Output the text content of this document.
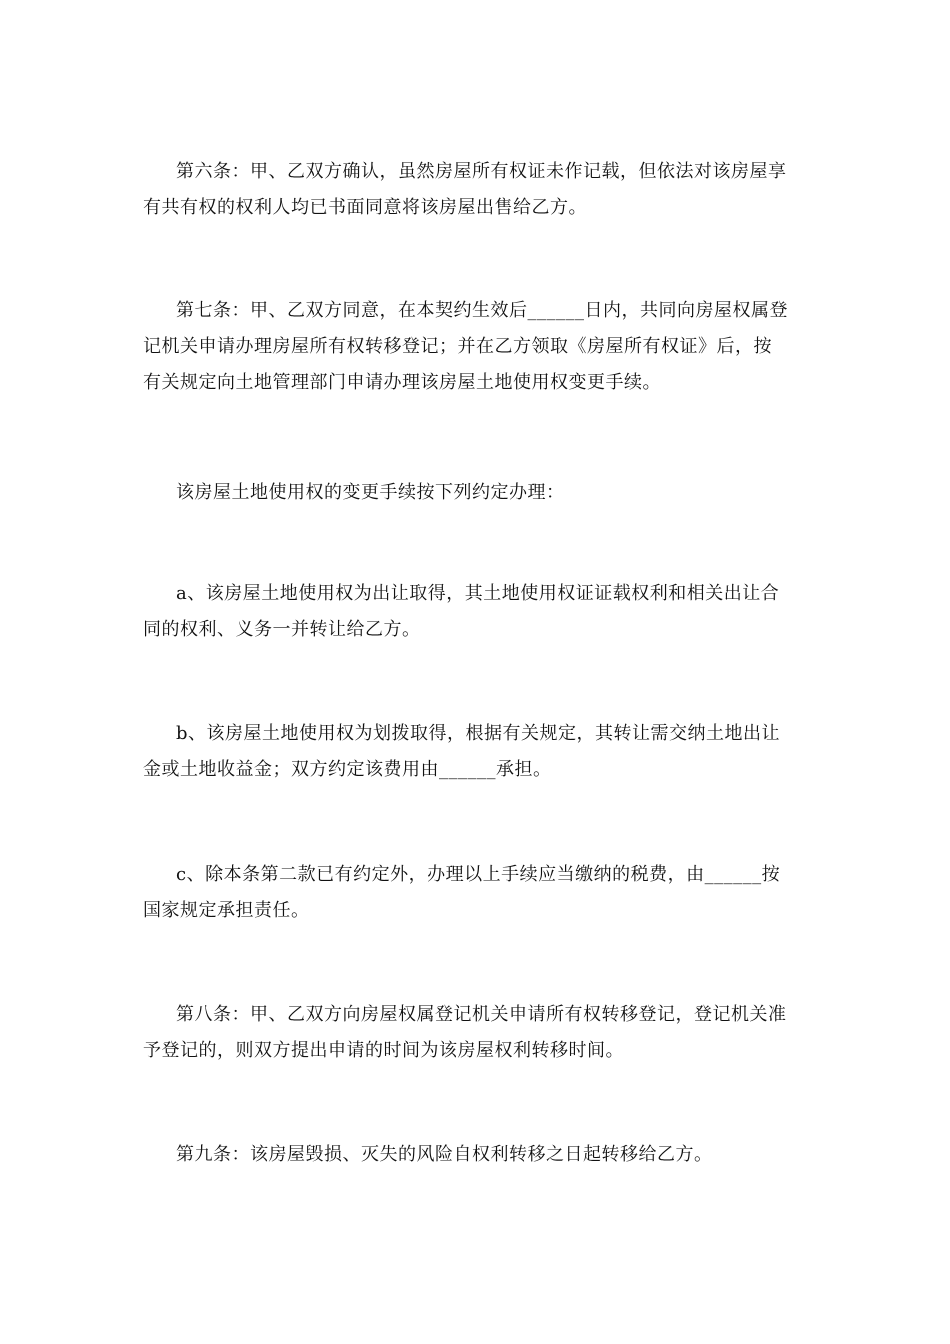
第六条：甲、乙双方确认，虽然房屋所有权证未作记载，但依法对该房屋享
有共有权的权利人均已书面同意将该房屋出售给乙方。
第七条：甲、乙双方同意，在本契约生效后______日内，共同向房屋权属登
记机关申请办理房屋所有权转移登记；并在乙方领取《房屋所有权证》后，按
有关规定向土地管理部门申请办理该房屋土地使用权变更手续。
该房屋土地使用权的变更手续按下列约定办理：
a、该房屋土地使用权为出让取得，其土地使用权证证载权利和相关出让合
同的权利、义务一并转让给乙方。
b、该房屋土地使用权为划拨取得，根据有关规定，其转让需交纳土地出让
金或土地收益金；双方约定该费用由______承担。
c、除本条第二款已有约定外，办理以上手续应当缴纳的税费，由______按
国家规定承担责任。
第八条：甲、乙双方向房屋权属登记机关申请所有权转移登记，登记机关准
予登记的，则双方提出申请的时间为该房屋权利转移时间。
第九条：该房屋毁损、灭失的风险自权利转移之日起转移给乙方。
